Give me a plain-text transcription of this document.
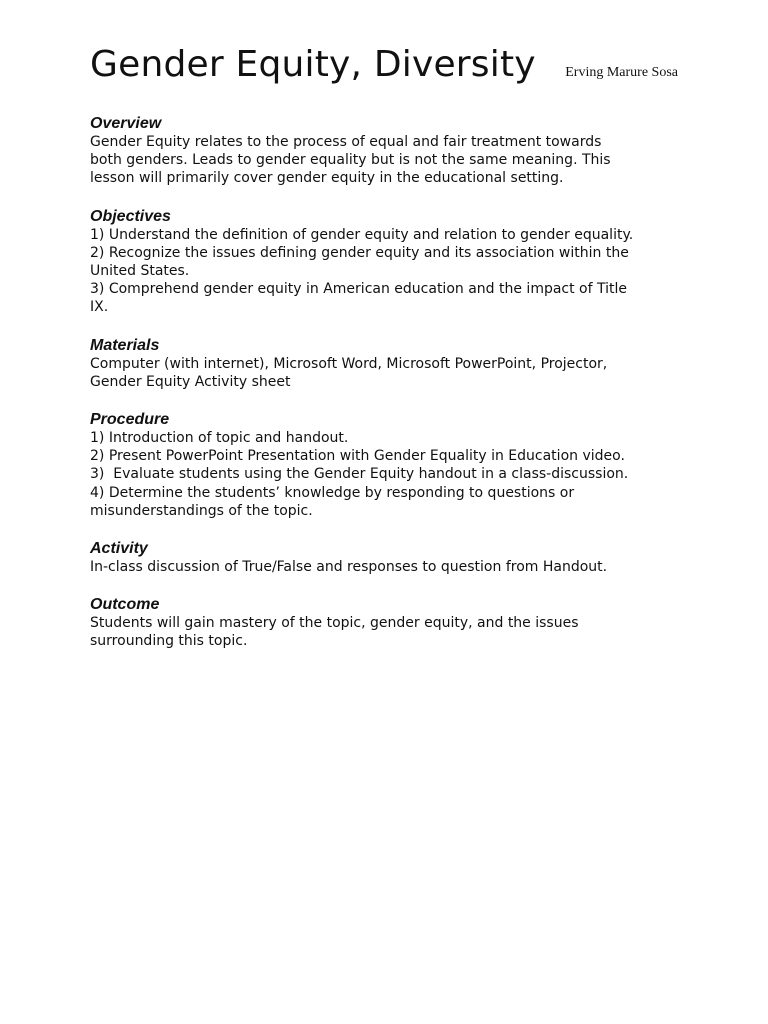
Gender Equity, Diversity Erving Marure Sosa
Overview

Gender Equity relates to the process of equal and fair treatment towards
both genders. Leads to gender equality but is not the same meaning. This
lesson will primarily cover gender equity in the educational setting.

Objectives

1) Understand the definition of gender equity and relation to gender equality.
2) Recognize the issues defining gender equity and its association within the
United States.
3) Comprehend gender equity in American education and the impact of Title
IX.

Materials

Computer (with internet), Microsoft Word, Microsoft PowerPoint, Projector,
Gender Equity Activity sheet

Procedure

1) Introduction of topic and handout.
2) Present PowerPoint Presentation with Gender Equality in Education video.
3)  Evaluate students using the Gender Equity handout in a class-discussion.
4) Determine the students’ knowledge by responding to questions or
misunderstandings of the topic.

Activity

In-class discussion of True/False and responses to question from Handout.

Outcome

Students will gain mastery of the topic, gender equity, and the issues
surrounding this topic.
